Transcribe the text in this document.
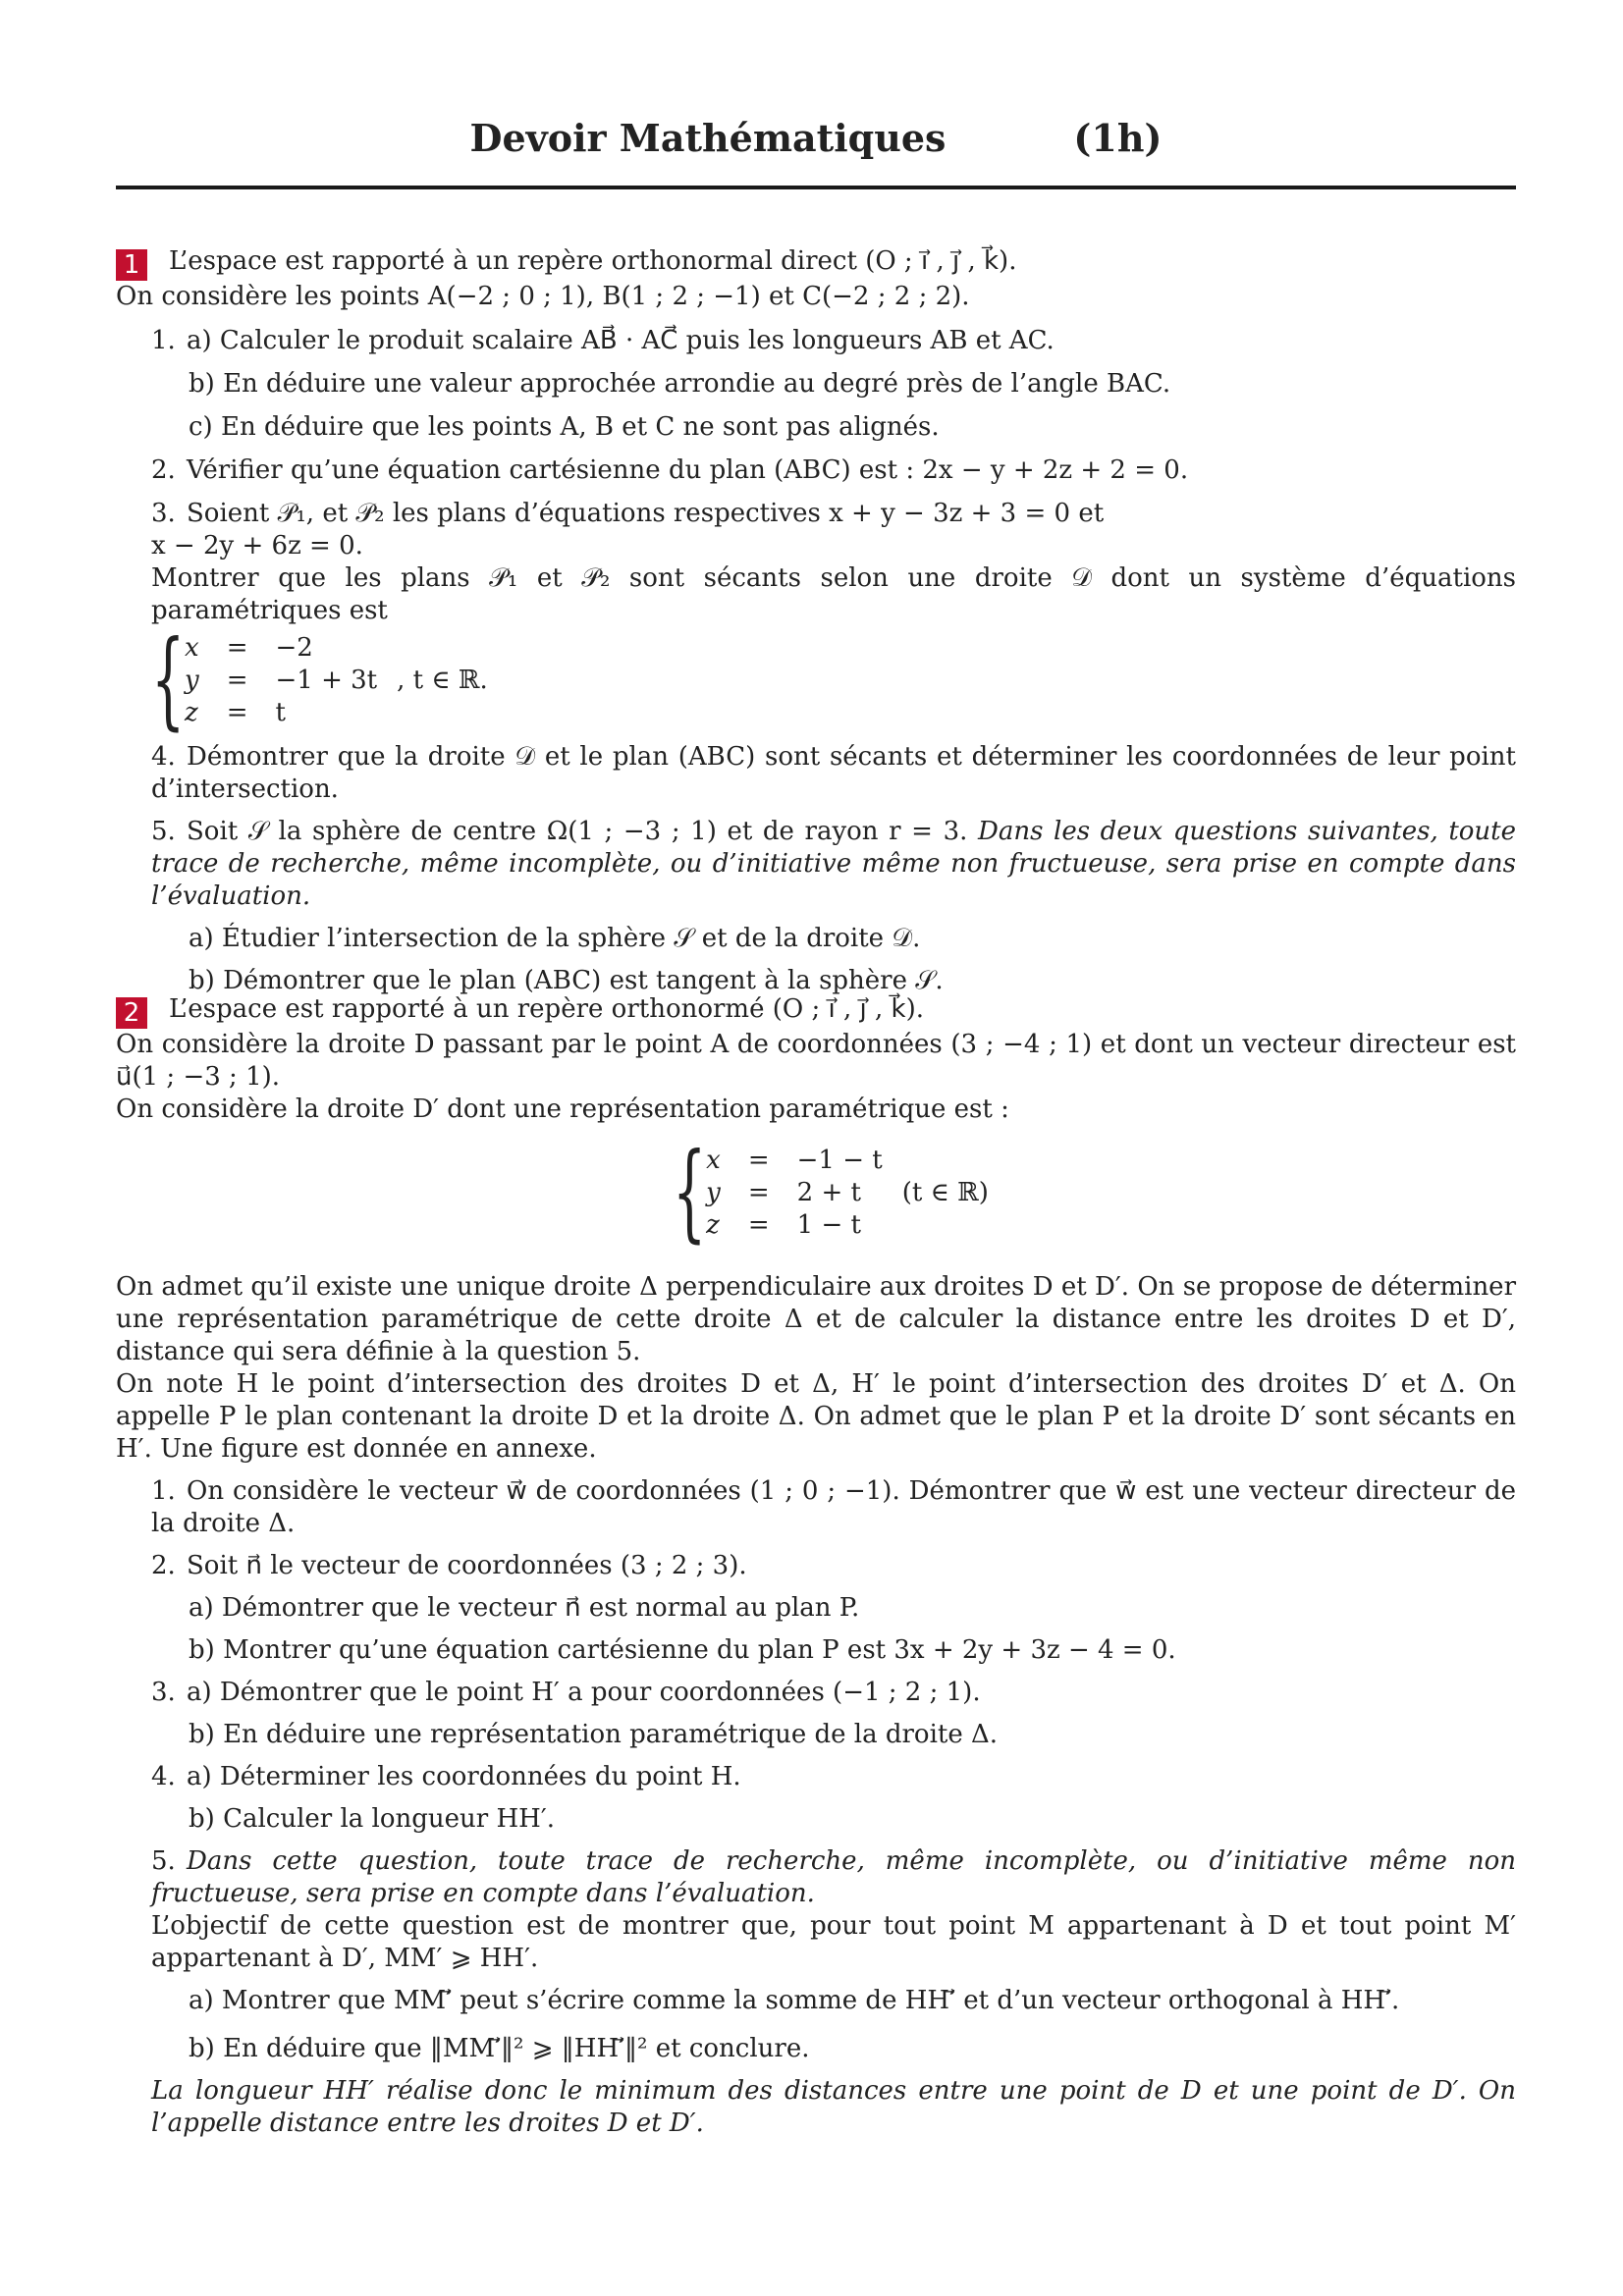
Devoir Mathématiques	(1h)

1 L’espace est rapporté à un repère orthonormal direct (O ; i⃗ , j⃗ , k⃗).

On considère les points A(−2 ; 0 ; 1), B(1 ; 2 ; −1) et C(−2 ; 2 ; 2).

1. a) Calculer le produit scalaire AB⃗ · AC⃗ puis les longueurs AB et AC.

b) En déduire une valeur approchée arrondie au degré près de l’angle BAC.

c) En déduire que les points A, B et C ne sont pas alignés.

2. Vérifier qu’une équation cartésienne du plan (ABC) est : 2x − y + 2z + 2 = 0.

3. Soient 𝒫₁, et 𝒫₂ les plans d’équations respectives x + y − 3z + 3 = 0 et

x − 2y + 6z = 0.

Montrer que les plans 𝒫₁ et 𝒫₂ sont sécants selon une droite 𝒟 dont un système d’équations paramétriques est

{ x	=	−2	
y	=	−1 + 3t	, t ∈ ℝ.
z	=	t	

4. Démontrer que la droite 𝒟 et le plan (ABC) sont sécants et déterminer les coordonnées de leur point d’intersection.

5. Soit 𝒮 la sphère de centre Ω(1 ; −3 ; 1) et de rayon r = 3. Dans les deux questions suivantes, toute trace de recherche, même incomplète, ou d’initiative même non fructueuse, sera prise en compte dans l’évaluation.

a) Étudier l’intersection de la sphère 𝒮 et de la droite 𝒟.

b) Démontrer que le plan (ABC) est tangent à la sphère 𝒮.

2 L’espace est rapporté à un repère orthonormé (O ; i⃗ , j⃗ , k⃗).

On considère la droite D passant par le point A de coordonnées (3 ; −4 ; 1) et dont un vecteur directeur est u⃗(1 ; −3 ; 1).

On considère la droite D′ dont une représentation paramétrique est :

{ x	=	−1 − t	
y	=	2 + t	(t ∈ ℝ)
z	=	1 − t	

On admet qu’il existe une unique droite Δ perpendiculaire aux droites D et D′. On se propose de déterminer une représentation paramétrique de cette droite Δ et de calculer la distance entre les droites D et D′, distance qui sera définie à la question 5.

On note H le point d’intersection des droites D et Δ, H′ le point d’intersection des droites D′ et Δ. On appelle P le plan contenant la droite D et la droite Δ. On admet que le plan P et la droite D′ sont sécants en H′. Une figure est donnée en annexe.

1. On considère le vecteur w⃗ de coordonnées (1 ; 0 ; −1). Démontrer que w⃗ est une vecteur directeur de la droite Δ.

2. Soit n⃗ le vecteur de coordonnées (3 ; 2 ; 3).

a) Démontrer que le vecteur n⃗ est normal au plan P.

b) Montrer qu’une équation cartésienne du plan P est 3x + 2y + 3z − 4 = 0.

3. a) Démontrer que le point H′ a pour coordonnées (−1 ; 2 ; 1).

b) En déduire une représentation paramétrique de la droite Δ.

4. a) Déterminer les coordonnées du point H.

b) Calculer la longueur HH′.

5. Dans cette question, toute trace de recherche, même incomplète, ou d’initiative même non fructueuse, sera prise en compte dans l’évaluation.

L’objectif de cette question est de montrer que, pour tout point M appartenant à D et tout point M′ appartenant à D′, MM′ ⩾ HH′.

a) Montrer que MM′⃗ peut s’écrire comme la somme de HH′⃗ et d’un vecteur orthogonal à HH′⃗.

b) En déduire que ‖MM′⃗‖² ⩾ ‖HH′⃗‖² et conclure.

La longueur HH′ réalise donc le minimum des distances entre une point de D et une point de D′. On l’appelle distance entre les droites D et D′.
